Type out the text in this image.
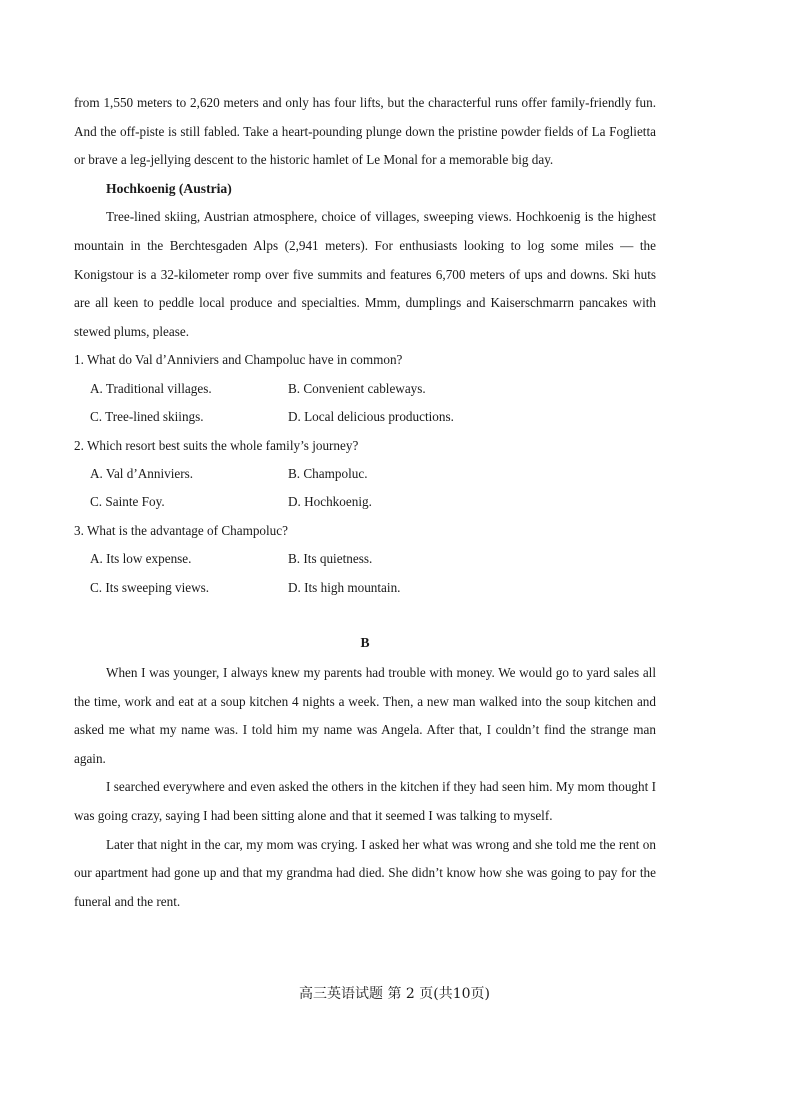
from 1,550 meters to 2,620 meters and only has four lifts, but the characterful runs offer family-friendly fun. And the off-piste is still fabled. Take a heart-pounding plunge down the pristine powder fields of La Foglietta or brave a leg-jellying descent to the historic hamlet of Le Monal for a memorable big day.

Hochkoenig (Austria)

Tree-lined skiing, Austrian atmosphere, choice of villages, sweeping views. Hochkoenig is the highest mountain in the Berchtesgaden Alps (2,941 meters). For enthusiasts looking to log some miles — the Konigstour is a 32-kilometer romp over five summits and features 6,700 meters of ups and downs. Ski huts are all keen to peddle local produce and specialties. Mmm, dumplings and Kaiserschmarrn pancakes with stewed plums, please.

1. What do Val d’Anniviers and Champoluc have in common?

A. Traditional villages.	B. Convenient cableways.
C. Tree-lined skiings.	D. Local delicious productions.

2. Which resort best suits the whole family’s journey?

A. Val d’Anniviers.	B. Champoluc.
C. Sainte Foy.	D. Hochkoenig.

3. What is the advantage of Champoluc?

A. Its low expense.	B. Its quietness.
C. Its sweeping views.	D. Its high mountain.

B

When I was younger, I always knew my parents had trouble with money. We would go to yard sales all the time, work and eat at a soup kitchen 4 nights a week. Then, a new man walked into the soup kitchen and asked me what my name was. I told him my name was Angela. After that, I couldn’t find the strange man again.

I searched everywhere and even asked the others in the kitchen if they had seen him. My mom thought I was going crazy, saying I had been sitting alone and that it seemed I was talking to myself.

Later that night in the car, my mom was crying. I asked her what was wrong and she told me the rent on our apartment had gone up and that my grandma had died. She didn’t know how she was going to pay for the funeral and the rent.

高三英语试题 第 2 页(共10页)
